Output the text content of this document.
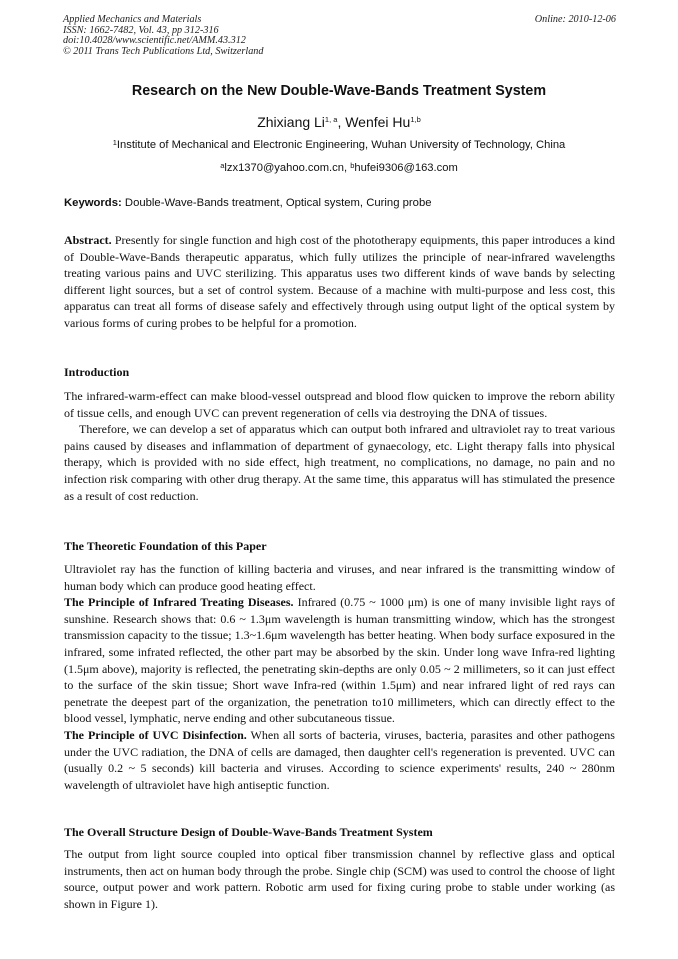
Applied Mechanics and Materials
ISSN: 1662-7482, Vol. 43, pp 312-316
doi:10.4028/www.scientific.net/AMM.43.312
© 2011 Trans Tech Publications Ltd, Switzerland
Online: 2010-12-06
Research on the New Double-Wave-Bands Treatment System
Zhixiang Li$^{1, a}$, Wenfei Hu$^{1,b}$
$^1$Institute of Mechanical and Electronic Engineering, Wuhan University of Technology, China
$^a$lzx1370@yahoo.com.cn, $^b$hufei9306@163.com
Keywords: Double-Wave-Bands treatment, Optical system, Curing probe

Abstract. Presently for single function and high cost of the phototherapy equipments, this paper introduces a kind of Double-Wave-Bands therapeutic apparatus, which fully utilizes the principle of near-infrared wavelengths treating various pains and UVC sterilizing. This apparatus uses two different kinds of wave bands by selecting different light sources, but a set of control system. Because of a machine with multi-purpose and less cost, this apparatus can treat all forms of disease safely and effectively through using output light of the optical system by various forms of curing probes to be helpful for a promotion.

Introduction

The infrared-warm-effect can make blood-vessel outspread and blood flow quicken to improve the reborn ability of tissue cells, and enough UVC can prevent regeneration of cells via destroying the DNA of tissues.

Therefore, we can develop a set of apparatus which can output both infrared and ultraviolet ray to treat various pains caused by diseases and inflammation of department of gynaecology, etc. Light therapy falls into physical therapy, which is provided with no side effect, high treatment, no complications, no damage, no pain and no infection risk comparing with other drug therapy. At the same time, this apparatus will has stimulated the presence as a result of cost reduction.

The Theoretic Foundation of this Paper

Ultraviolet ray has the function of killing bacteria and viruses, and near infrared is the transmitting window of human body which can produce good heating effect.

The Principle of Infrared Treating Diseases. Infrared (0.75 ~ 1000 μm) is one of many invisible light rays of sunshine. Research shows that: 0.6 ~ 1.3μm wavelength is human transmitting window, which has the strongest transmission capacity to the tissue; 1.3~1.6μm wavelength has better heating. When body surface exposured in the infrared, some infrated reflected, the other part may be absorbed by the skin. Under long wave Infra-red lighting (1.5μm above), majority is reflected, the penetrating skin-depths are only 0.05 ~ 2 millimeters, so it can just effect to the surface of the skin tissue; Short wave Infra-red (within 1.5μm) and near infrared light of red rays can penetrate the deepest part of the organization, the penetration to10 millimeters, which can directly effect to the blood vessel, lymphatic, nerve ending and other subcutaneous tissue.

The Principle of UVC Disinfection. When all sorts of bacteria, viruses, bacteria, parasites and other pathogens under the UVC radiation, the DNA of cells are damaged, then daughter cell's regeneration is prevented. UVC can (usually 0.2 ~ 5 seconds) kill bacteria and viruses. According to science experiments' results, 240 ~ 280nm wavelength of ultraviolet have high antiseptic function.

The Overall Structure Design of Double-Wave-Bands Treatment System

The output from light source coupled into optical fiber transmission channel by reflective glass and optical instruments, then act on human body through the probe. Single chip (SCM) was used to control the choose of light source, output power and work pattern. Robotic arm used for fixing curing probe to stable under working (as shown in Figure 1).
